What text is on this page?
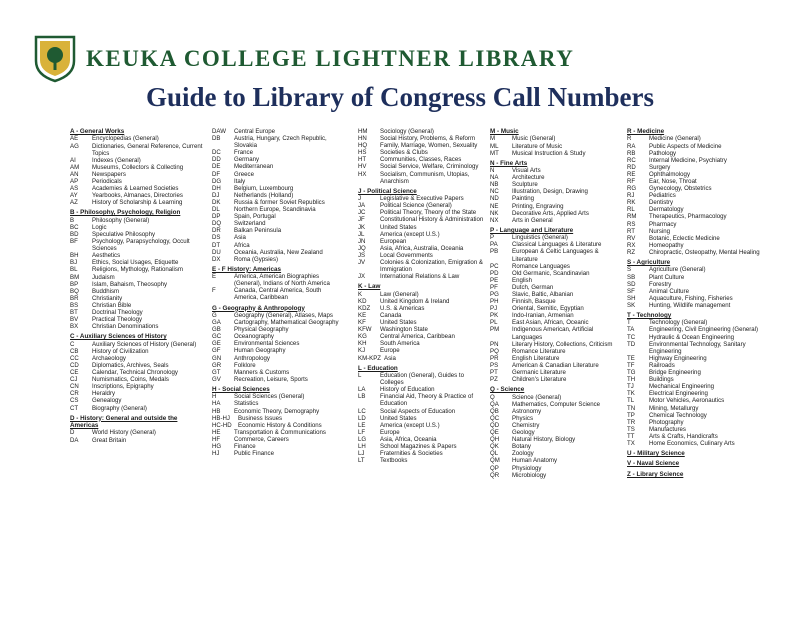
KEUKA COLLEGE LIGHTNER LIBRARY
Guide to Library of Congress Call Numbers
A - General Works
AE	Encyclopedias (General)
AG	Dictionaries, General Reference, Current Topics
AI	Indexes (General)
AM	Museums, Collectors & Collecting
AN	Newspapers
AP	Periodicals
AS	Academies & Learned Societies
AY	Yearbooks, Almanacs, Directories
AZ	History of Scholarship & Learning
B - Philosophy, Psychology, Religion
B	Philosophy (General)
BC	Logic
BD	Speculative Philosophy
BF	Psychology, Parapsychology, Occult Sciences
BH	Aesthetics
BJ	Ethics, Social Usages, Etiquette
BL	Religions, Mythology, Rationalism
BM	Judaism
BP	Islam, Bahaism, Theosophy
BQ	Buddhism
BR	Christianity
BS	Christian Bible
BT	Doctrinal Theology
BV	Practical Theology
BX	Christian Denominations
C - Auxiliary Sciences of History
C	Auxiliary Sciences of History (General)
CB	History of Civilization
CC	Archaeology
CD	Diplomatics, Archives, Seals
CE	Calendar, Technical Chronology
CJ	Numismatics, Coins, Medals
CN	Inscriptions, Epigraphy
CR	Heraldry
CS	Genealogy
CT	Biography (General)
D - History: General and outside the Americas
D	World History (General)
DA	Great Britain
DAW	Central Europe
DB	Austria, Hungary, Czech Republic, Slovakia
DC	France
DD	Germany
DE	Mediterranean
DF	Greece
DG	Italy
DH	Belgium, Luxembourg
DJ	Netherlands (Holland)
DK	Russia & former Soviet Republics
DL	Northern Europe, Scandinavia
DP	Spain, Portugal
DQ	Switzerland
DR	Balkan Peninsula
DS	Asia
DT	Africa
DU	Oceania, Australia, New Zealand
DX	Roma (Gypsies)
E - F History: Americas
E	America, American Biographies (General), Indians of North America
F	Canada, Central America, South America, Caribbean
G - Geography & Anthropology
G	Geography (General), Atlases, Maps
GA	Cartography, Mathematical Geography
GB	Physical Geography
GC	Oceanography
GE	Environmental Sciences
GF	Human Geography
GN	Anthropology
GR	Folklore
GT	Manners & Customs
GV	Recreation, Leisure, Sports
H - Social Sciences
H	Social Sciences (General)
HA	Statistics
HB	Economic Theory, Demography
HB-HJ	Business Issues
HC-HD	Economic History & Conditions
HE	Transportation & Communications
HF	Commerce, Careers
HG	Finance
HJ	Public Finance
HM	Sociology (General)
HN	Social History, Problems, & Reform
HQ	Family, Marriage, Women, Sexuality
HS	Societies & Clubs
HT	Communities, Classes, Races
HV	Social Service, Welfare, Criminology
HX	Socialism, Communism, Utopias, Anarchism
J - Political Science
J	Legislative & Executive Papers
JA	Political Science (General)
JC	Political Theory, Theory of the State
JF	Constitutional History & Administration
JK	United States
JL	America (except U.S.)
JN	European
JQ	Asia, Africa, Australia, Oceania
JS	Local Governments
JV	Colonies & Colonization, Emigration & Immigration
JX	International Relations & Law
K - Law
K	Law (General)
KD	United Kingdom & Ireland
KDZ	U.S. & Americas
KE	Canada
KF	United States
KFW	Washington State
KG	Central America, Caribbean
KH	South America
KJ	Europe
KM-KPZ Asia
L - Education
L	Education (General), Guides to Colleges
LA	History of Education
LB	Financial Aid, Theory & Practice of Education
LC	Social Aspects of Education
LD	United States
LE	America (except U.S.)
LF	Europe
LG	Asia, Africa, Oceania
LH	School Magazines & Papers
LJ	Fraternities & Societies
LT	Textbooks
M - Music
M	Music (General)
ML	Literature of Music
MT	Musical Instruction & Study
N - Fine Arts
N	Visual Arts
NA	Architecture
NB	Sculpture
NC	Illustration, Design, Drawing
ND	Painting
NE	Printing, Engraving
NK	Decorative Arts, Applied Arts
NX	Arts in General
P - Language and Literature
P	Linguistics (General)
PA	Classical Languages & Literature
PB	European & Celtic Languages & Literature
PC	Romance Languages
PD	Old Germanic, Scandinavian
PE	English
PF	Dutch, German
PG	Slavic, Baltic, Albanian
PH	Finnish, Basque
PJ	Oriental, Semitic, Egyptian
PK	Indo-Iranian, Armenian
PL	East Asian, African, Oceanic
PM	Indigenous American, Artificial Languages
PN	Literary History, Collections, Criticism
PQ	Romance Literature
PR	English Literature
PS	American & Canadian Literature
PT	Germanic Literature
PZ	Children's Literature
Q - Science
Q	Science (General)
QA	Mathematics, Computer Science
QB	Astronomy
QC	Physics
QD	Chemistry
QE	Geology
QH	Natural History, Biology
QK	Botany
QL	Zoology
QM	Human Anatomy
QP	Physiology
QR	Microbiology
R - Medicine
R	Medicine (General)
RA	Public Aspects of Medicine
RB	Pathology
RC	Internal Medicine, Psychiatry
RD	Surgery
RE	Ophthalmology
RF	Ear, Nose, Throat
RG	Gynecology, Obstetrics
RJ	Pediatrics
RK	Dentistry
RL	Dermatology
RM	Therapeutics, Pharmacology
RS	Pharmacy
RT	Nursing
RV	Botanic, Eclectic Medicine
RX	Homeopathy
RZ	Chiropractic, Osteopathy, Mental Healing
S - Agriculture
S	Agriculture (General)
SB	Plant Culture
SD	Forestry
SF	Animal Culture
SH	Aquaculture, Fishing, Fisheries
SK	Hunting, Wildlife management
T - Technology
T	Technology (General)
TA	Engineering, Civil Engineering (General)
TC	Hydraulic & Ocean Engineering
TD	Environmental Technology, Sanitary Engineering
TE	Highway Engineering
TF	Railroads
TG	Bridge Engineering
TH	Buildings
TJ	Mechanical Engineering
TK	Electrical Engineering
TL	Motor Vehicles, Aeronautics
TN	Mining, Metallurgy
TP	Chemical Technology
TR	Photography
TS	Manufactures
TT	Arts & Crafts, Handicrafts
TX	Home Economics, Culinary Arts
U - Military Science
V - Naval Science
Z - Library Science
